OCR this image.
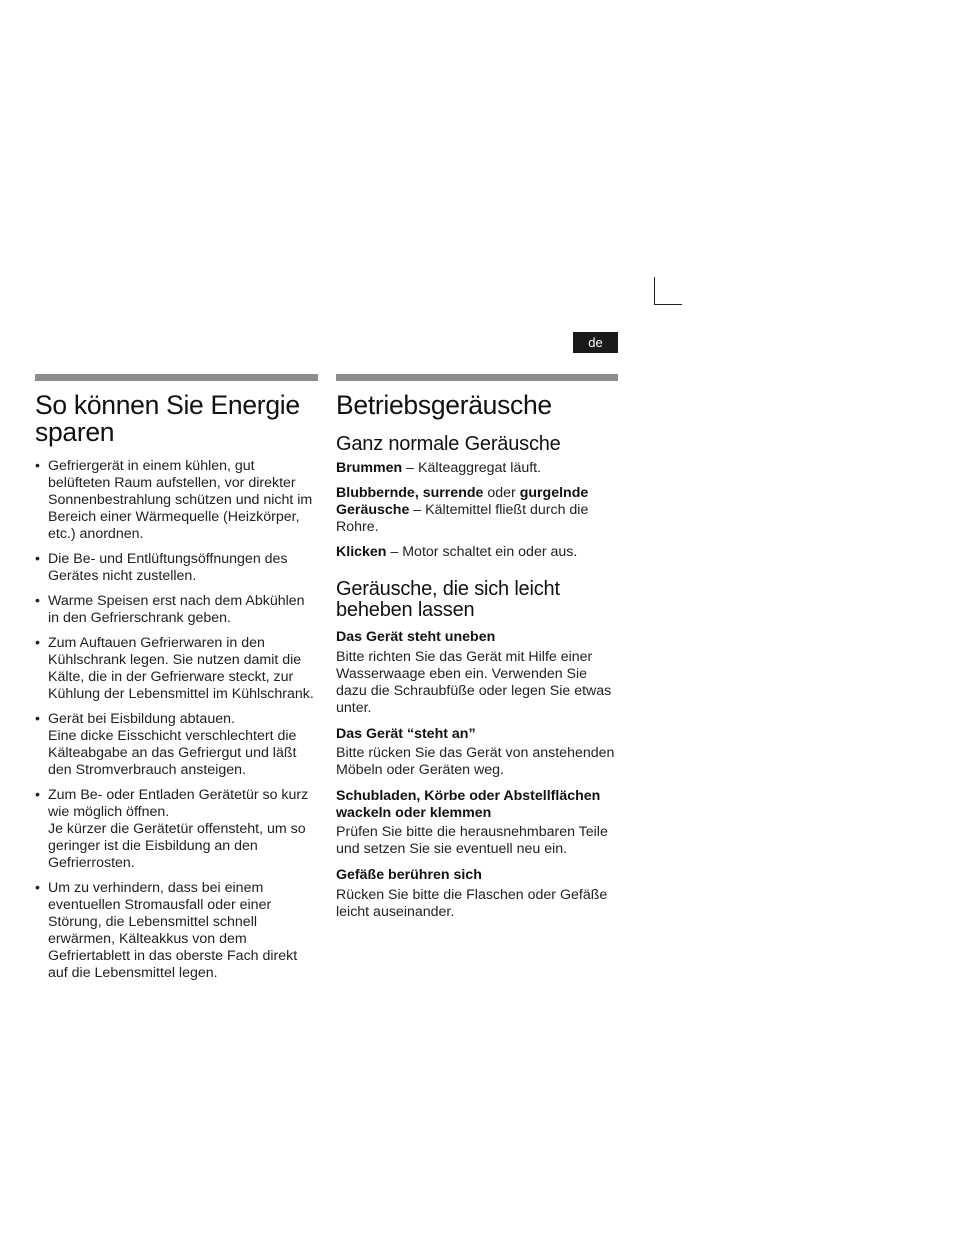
de
So können Sie Energie sparen
• Gefriergerät in einem kühlen, gut belüfteten Raum aufstellen, vor direkter Sonnenbestrahlung schützen und nicht im Bereich einer Wärmequelle (Heizkörper, etc.) anordnen.
• Die Be- und Entlüftungsöffnungen des Gerätes nicht zustellen.
• Warme Speisen erst nach dem Abkühlen in den Gefrierschrank geben.
• Zum Auftauen Gefrierwaren in den Kühlschrank legen. Sie nutzen damit die Kälte, die in der Gefrierware steckt, zur Kühlung der Lebensmittel im Kühlschrank.
• Gerät bei Eisbildung abtauen.
Eine dicke Eisschicht verschlechtert die Kälteabgabe an das Gefriergut und läßt den Stromverbrauch ansteigen.
• Zum Be- oder Entladen Gerätetür so kurz wie möglich öffnen.
Je kürzer die Gerätetür offensteht, um so geringer ist die Eisbildung an den Gefrierrosten.
• Um zu verhindern, dass bei einem eventuellen Stromausfall oder einer Störung, die Lebensmittel schnell erwärmen, Kälteakkus von dem Gefriertablett in das oberste Fach direkt auf die Lebensmittel legen.
Betriebsgeräusche
Ganz normale Geräusche

Brummen – Kälteaggregat läuft.

Blubbernde, surrende oder gurgelnde Geräusche – Kältemittel fließt durch die Rohre.

Klicken – Motor schaltet ein oder aus.

Geräusche, die sich leicht beheben lassen
Das Gerät steht uneben

Bitte richten Sie das Gerät mit Hilfe einer Wasserwaage eben ein. Verwenden Sie dazu die Schraubfüße oder legen Sie etwas unter.

Das Gerät “steht an”

Bitte rücken Sie das Gerät von anstehenden Möbeln oder Geräten weg.

Schubladen, Körbe oder Abstellflächen wackeln oder klemmen

Prüfen Sie bitte die herausnehmbaren Teile und setzen Sie sie eventuell neu ein.

Gefäße berühren sich

Rücken Sie bitte die Flaschen oder Gefäße leicht auseinander.
